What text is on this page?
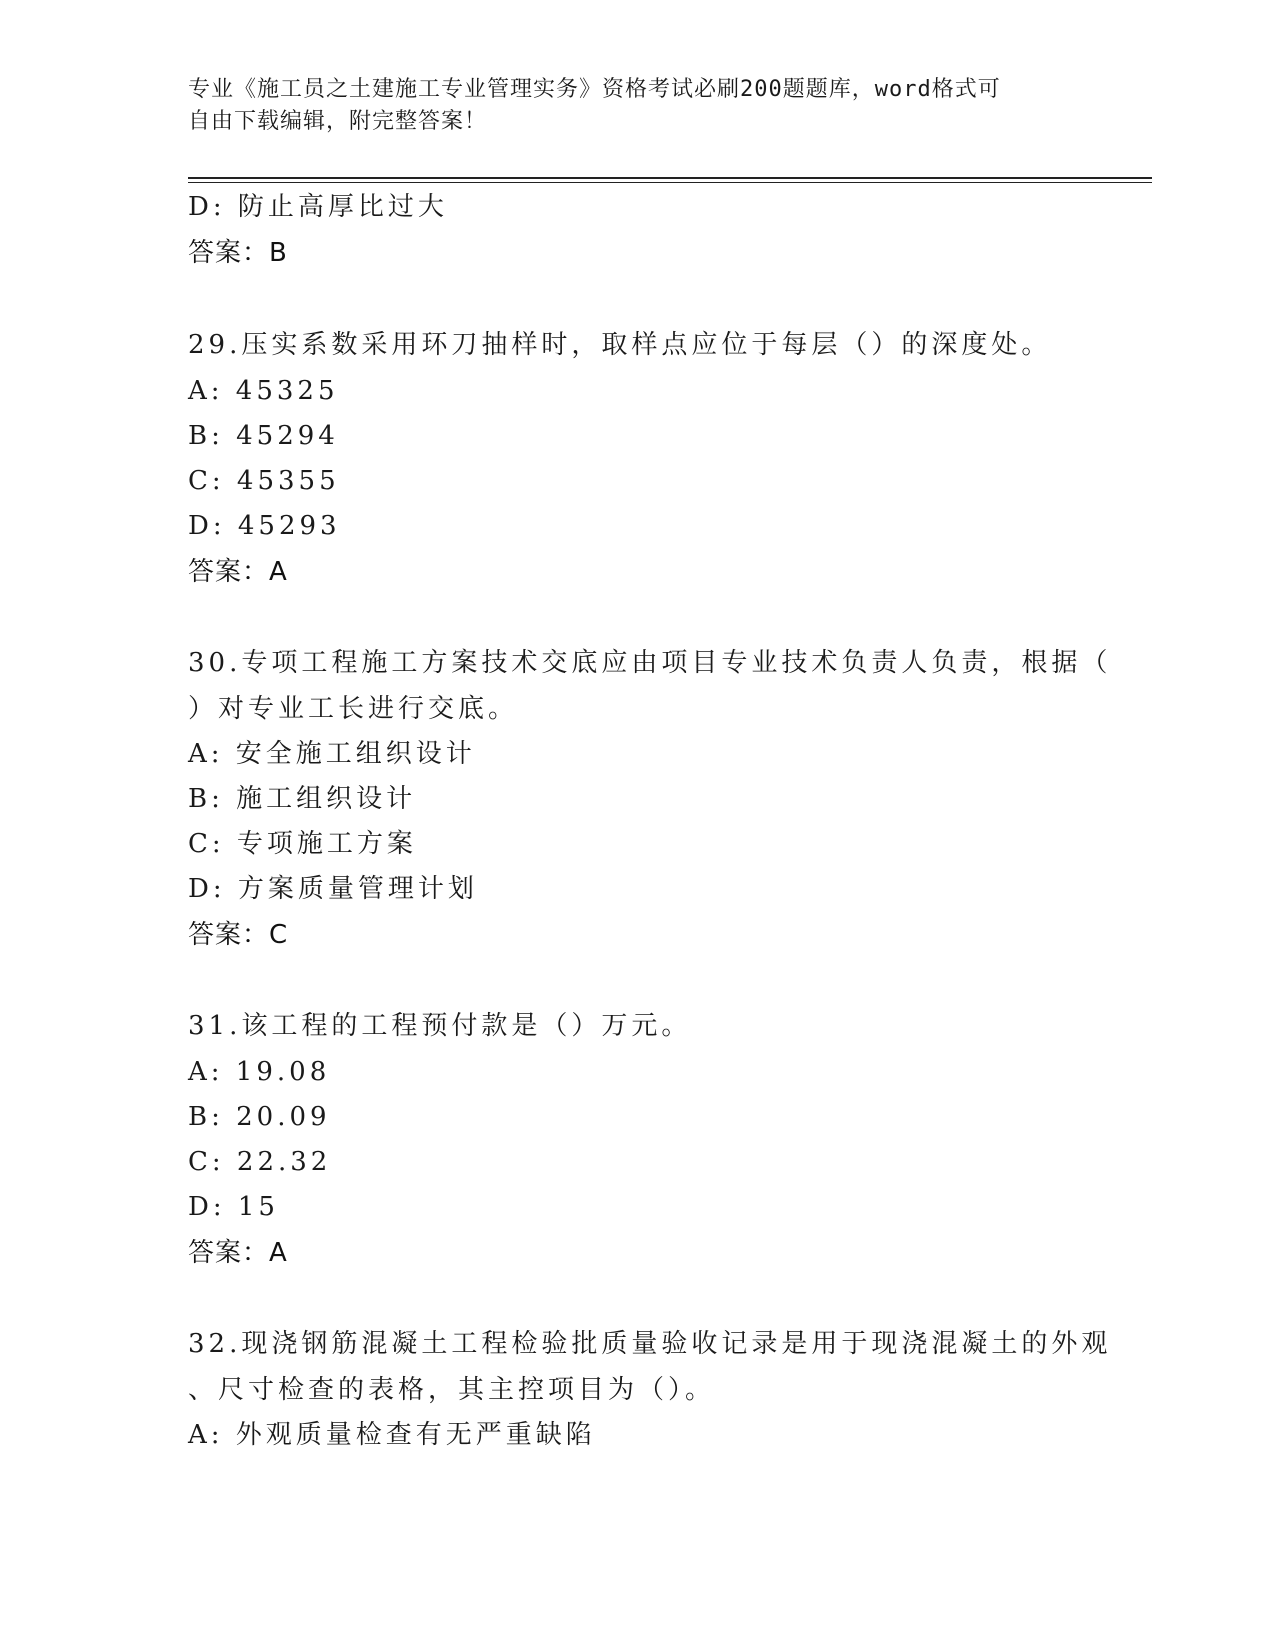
专业《施工员之土建施工专业管理实务》资格考试必刷200题题库，word格式可
自由下载编辑，附完整答案！
D: 防止高厚比过大
答案：B
29.压实系数采用环刀抽样时，取样点应位于每层（）的深度处。
A: 45325
B: 45294
C: 45355
D: 45293
答案：A
30.专项工程施工方案技术交底应由项目专业技术负责人负责，根据（
）对专业工长进行交底。
A: 安全施工组织设计
B: 施工组织设计
C: 专项施工方案
D: 方案质量管理计划
答案：C
31.该工程的工程预付款是（）万元。
A: 19.08
B: 20.09
C: 22.32
D: 15
答案：A
32.现浇钢筋混凝土工程检验批质量验收记录是用于现浇混凝土的外观
、尺寸检查的表格，其主控项目为（）。
A: 外观质量检查有无严重缺陷
